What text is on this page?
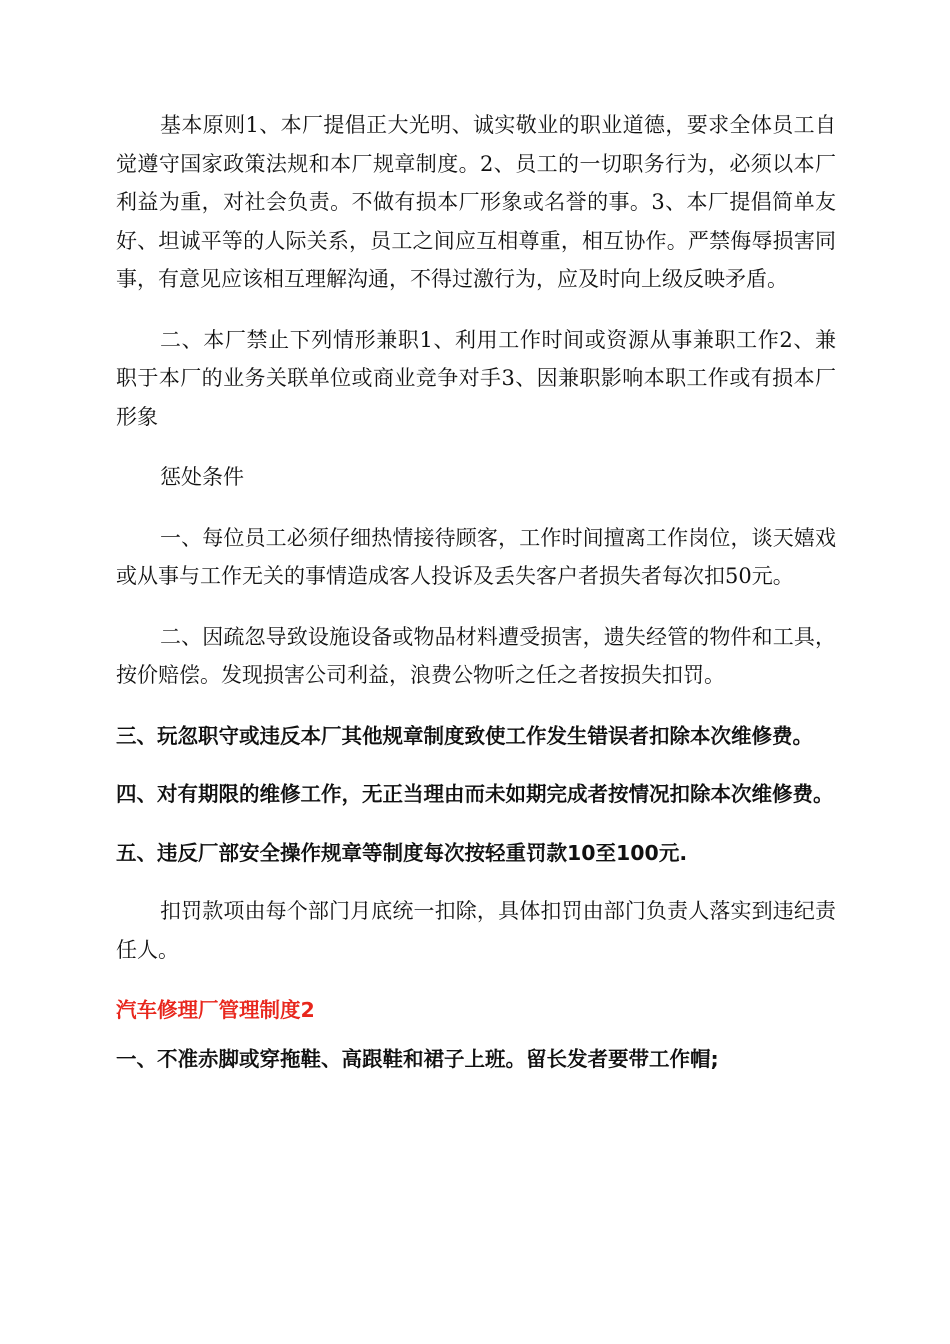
基本原则1、本厂提倡正大光明、诚实敬业的职业道德，要求全体员工自觉遵守国家政策法规和本厂规章制度。2、员工的一切职务行为，必须以本厂利益为重，对社会负责。不做有损本厂形象或名誉的事。3、本厂提倡简单友好、坦诚平等的人际关系，员工之间应互相尊重，相互协作。严禁侮辱损害同事，有意见应该相互理解沟通，不得过激行为，应及时向上级反映矛盾。

二、本厂禁止下列情形兼职1、利用工作时间或资源从事兼职工作2、兼职于本厂的业务关联单位或商业竞争对手3、因兼职影响本职工作或有损本厂形象

惩处条件

一、每位员工必须仔细热情接待顾客，工作时间擅离工作岗位，谈天嬉戏或从事与工作无关的事情造成客人投诉及丢失客户者损失者每次扣50元。

二、因疏忽导致设施设备或物品材料遭受损害，遗失经管的物件和工具，按价赔偿。发现损害公司利益，浪费公物听之任之者按损失扣罚。

三、玩忽职守或违反本厂其他规章制度致使工作发生错误者扣除本次维修费。

四、对有期限的维修工作，无正当理由而未如期完成者按情况扣除本次维修费。

五、违反厂部安全操作规章等制度每次按轻重罚款10至100元.

扣罚款项由每个部门月底统一扣除，具体扣罚由部门负责人落实到违纪责任人。

汽车修理厂管理制度2

一、不准赤脚或穿拖鞋、高跟鞋和裙子上班。留长发者要带工作帽;
